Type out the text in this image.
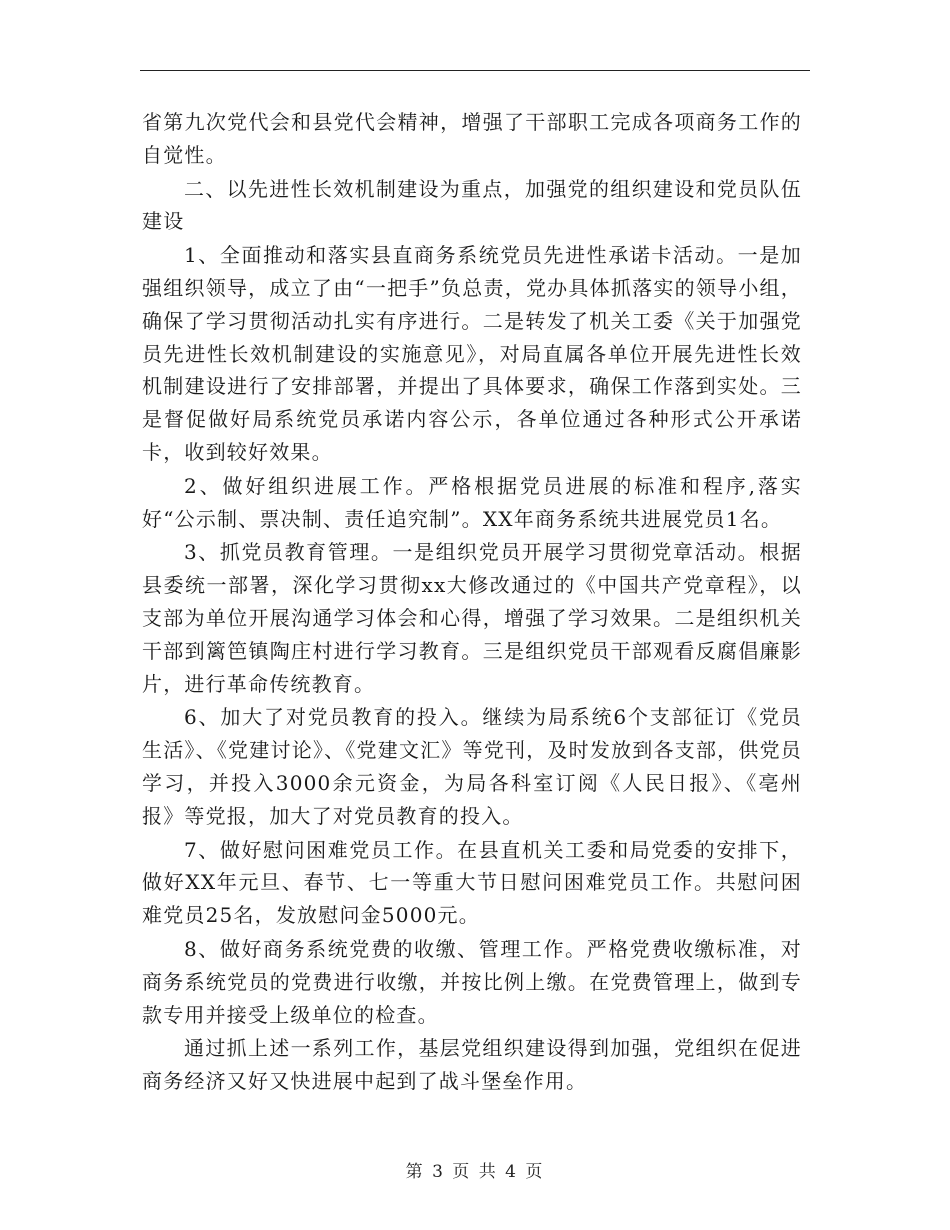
省第九次党代会和县党代会精神，增强了干部职工完成各项商务工作的自觉性。

二、以先进性长效机制建设为重点，加强党的组织建设和党员队伍建设

1、全面推动和落实县直商务系统党员先进性承诺卡活动。一是加强组织领导，成立了由“一把手”负总责，党办具体抓落实的领导小组，确保了学习贯彻活动扎实有序进行。二是转发了机关工委《关于加强党员先进性长效机制建设的实施意见》，对局直属各单位开展先进性长效机制建设进行了安排部署，并提出了具体要求，确保工作落到实处。三是督促做好局系统党员承诺内容公示，各单位通过各种形式公开承诺卡，收到较好效果。

2、做好组织进展工作。严格根据党员进展的标准和程序,落实好“公示制、票决制、责任追究制”。XX年商务系统共进展党员1名。

3、抓党员教育管理。一是组织党员开展学习贯彻党章活动。根据县委统一部署，深化学习贯彻xx大修改通过的《中国共产党章程》，以支部为单位开展沟通学习体会和心得，增强了学习效果。二是组织机关干部到篱笆镇陶庄村进行学习教育。三是组织党员干部观看反腐倡廉影片，进行革命传统教育。

6、加大了对党员教育的投入。继续为局系统6个支部征订《党员生活》、《党建讨论》、《党建文汇》等党刊，及时发放到各支部，供党员学习，并投入3000余元资金，为局各科室订阅《人民日报》、《亳州报》等党报，加大了对党员教育的投入。

7、做好慰问困难党员工作。在县直机关工委和局党委的安排下，做好XX年元旦、春节、七一等重大节日慰问困难党员工作。共慰问困难党员25名，发放慰问金5000元。

8、做好商务系统党费的收缴、管理工作。严格党费收缴标准，对商务系统党员的党费进行收缴，并按比例上缴。在党费管理上，做到专款专用并接受上级单位的检查。

通过抓上述一系列工作，基层党组织建设得到加强，党组织在促进商务经济又好又快进展中起到了战斗堡垒作用。

第 3 页 共 4 页
